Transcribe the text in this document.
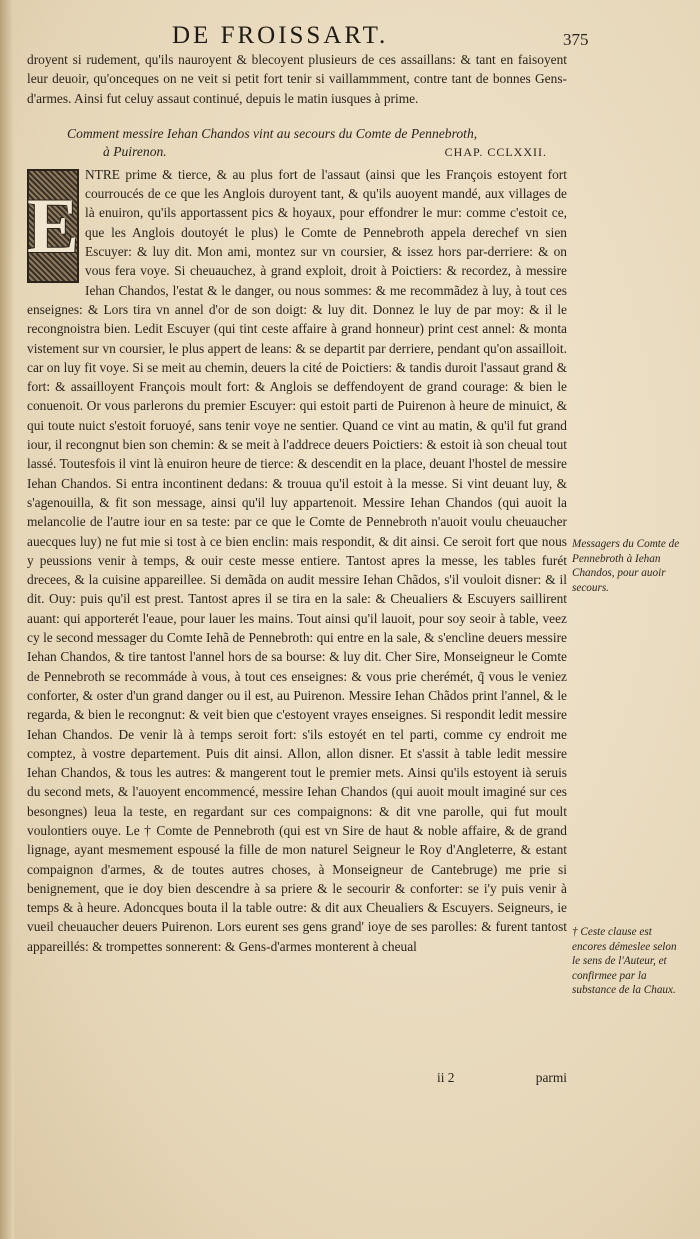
DE FROISSART.	375

droyent si rudement, qu'ils nauroyent & blecoyent plusieurs de ces assaillans: & tant en faisoyent leur deuoir, qu'onceques on ne veit si petit fort tenir si vaillammment, contre tant de bonnes Gens-d'armes. Ainsi fut celuy assaut continué, depuis le matin iusques à prime.

Comment messire Iehan Chandos vint au secours du Comte de Pennebroth,
à Puirenon.	CHAP. CCLXXII.
E

NTRE prime & tierce, & au plus fort de l'assaut (ainsi que les François estoyent fort courroucés de ce que les Anglois duroyent tant, & qu'ils auoyent mandé, aux villages de là enuiron, qu'ils apportassent pics & hoyaux, pour effondrer le mur: comme c'estoit ce, que les Anglois doutoyét le plus) le Comte de Pennebroth appela derechef vn sien Escuyer: & luy dit. Mon ami, montez sur vn coursier, & issez hors par-derriere: & on vous fera voye. Si cheuauchez, à grand exploit, droit à Poictiers: & recordez, à messire Iehan Chandos, l'estat & le danger, ou nous sommes: & me recommãdez à luy, à tout ces enseignes: & Lors tira vn annel d'or de son doigt: & luy dit. Donnez le luy de par moy: & il le recongnoistra bien. Ledit Escuyer (qui tint ceste affaire à grand honneur) print cest annel: & monta vistement sur vn coursier, le plus appert de leans: & se departit par derriere, pendant qu'on assailloit. car on luy fit voye. Si se meit au chemin, deuers la cité de Poictiers: & tandis duroit l'assaut grand & fort: & assailloyent François moult fort: & Anglois se deffendoyent de grand courage: & bien le conuenoit. Or vous parlerons du premier Escuyer: qui estoit parti de Puirenon à heure de minuict, & qui toute nuict s'estoit foruoyé, sans tenir voye ne sentier. Quand ce vint au matin, & qu'il fut grand iour, il recongnut bien son chemin: & se meit à l'addrece deuers Poictiers: & estoit ià son cheual tout lassé. Toutesfois il vint là enuiron heure de tierce: & descendit en la place, deuant l'hostel de messire Iehan Chandos. Si entra incontinent dedans: & trouua qu'il estoit à la messe. Si vint deuant luy, & s'agenouilla, & fit son message, ainsi qu'il luy appartenoit. Messire Iehan Chandos (qui auoit la melancolie de l'autre iour en sa teste: par ce que le Comte de Pennebroth n'auoit voulu cheuaucher auecques luy) ne fut mie si tost à ce bien enclin: mais respondit, & dit ainsi. Ce seroit fort que nous y peussions venir à temps, & ouir ceste messe entiere. Tantost apres la messe, les tables furét drecees, & la cuisine appareillee. Si demãda on audit messire Iehan Chãdos, s'il vouloit disner: & il dit. Ouy: puis qu'il est prest. Tantost apres il se tira en la sale: & Cheualiers & Escuyers saillirent auant: qui apporterét l'eaue, pour lauer les mains. Tout ainsi qu'il lauoit, pour soy seoir à table, veez cy le second messager du Comte Iehã de Pennebroth: qui entre en la sale, & s'encline deuers messire Iehan Chandos, & tire tantost l'annel hors de sa bourse: & luy dit. Cher Sire, Monseigneur le Comte de Pennebroth se recommáde à vous, à tout ces enseignes: & vous prie cherémét, q̃ vous le veniez conforter, & oster d'un grand danger ou il est, au Puirenon. Messire Iehan Chãdos print l'annel, & le regarda, & bien le recongnut: & veit bien que c'estoyent vrayes enseignes. Si respondit ledit messire Iehan Chandos. De venir là à temps seroit fort: s'ils estoyét en tel parti, comme cy endroit me comptez, à vostre departement. Puis dit ainsi. Allon, allon disner. Et s'assit à table ledit messire Iehan Chandos, & tous les autres: & mangerent tout le premier mets. Ainsi qu'ils estoyent ià seruis du second mets, & l'auoyent encommencé, messire Iehan Chandos (qui auoit moult imaginé sur ces besongnes) leua la teste, en regardant sur ces compaignons: & dit vne parolle, qui fut moult voulontiers ouye. Le † Comte de Pennebroth (qui est vn Sire de haut & noble affaire, & de grand lignage, ayant mesmement espousé la fille de mon naturel Seigneur le Roy d'Angleterre, & estant compaignon d'armes, & de toutes autres choses, à Monseigneur de Cantebruge) me prie si benignement, que ie doy bien descendre à sa priere & le secourir & conforter: se i'y puis venir à temps & à heure. Adoncques bouta il la table outre: & dit aux Cheualiers & Escuyers. Seigneurs, ie vueil cheuaucher deuers Puirenon. Lors eurent ses gens grand' ioye de ses parolles: & furent tantost appareillés: & trompettes sonnerent: & Gens-d'armes monterent à cheual

Messagers du Comte de Pennebroth à Iehan Chandos, pour auoir secours.
† Ceste clause est encores démeslee selon le sens de l'Auteur, et confirmee par la substance de la Chaux.
ii 2	parmi
